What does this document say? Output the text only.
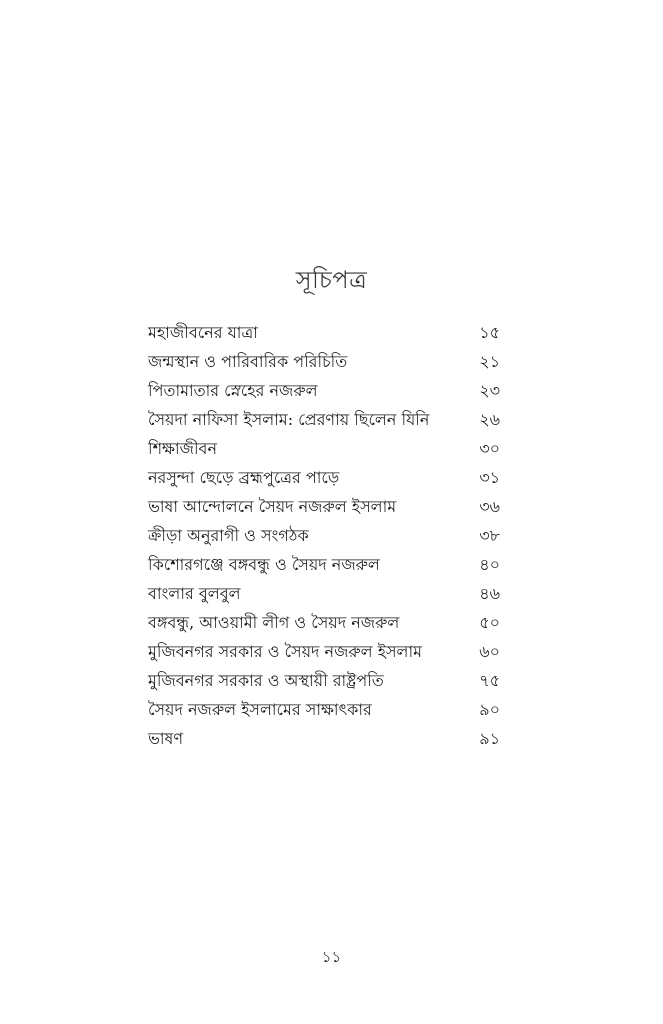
সূচিপত্র
মহাজীবনের যাত্রা	১৫
জন্মস্থান ও পারিবারিক পরিচিতি	২১
পিতামাতার স্নেহের নজরুল	২৩
সৈয়দা নাফিসা ইসলাম: প্রেরণায় ছিলেন যিনি	২৬
শিক্ষাজীবন	৩০
নরসুন্দা ছেড়ে ব্রহ্মপুত্রের পাড়ে	৩১
ভাষা আন্দোলনে সৈয়দ নজরুল ইসলাম	৩৬
ক্রীড়া অনুরাগী ও সংগঠক	৩৮
কিশোরগঞ্জে বঙ্গবন্ধু ও সৈয়দ নজরুল	৪০
বাংলার বুলবুল	৪৬
বঙ্গবন্ধু, আওয়ামী লীগ ও সৈয়দ নজরুল	৫০
মুজিবনগর সরকার ও সৈয়দ নজরুল ইসলাম	৬০
মুজিবনগর সরকার ও অস্থায়ী রাষ্ট্রপতি	৭৫
সৈয়দ নজরুল ইসলামের সাক্ষাৎকার	৯০
ভাষণ	৯১
১১
